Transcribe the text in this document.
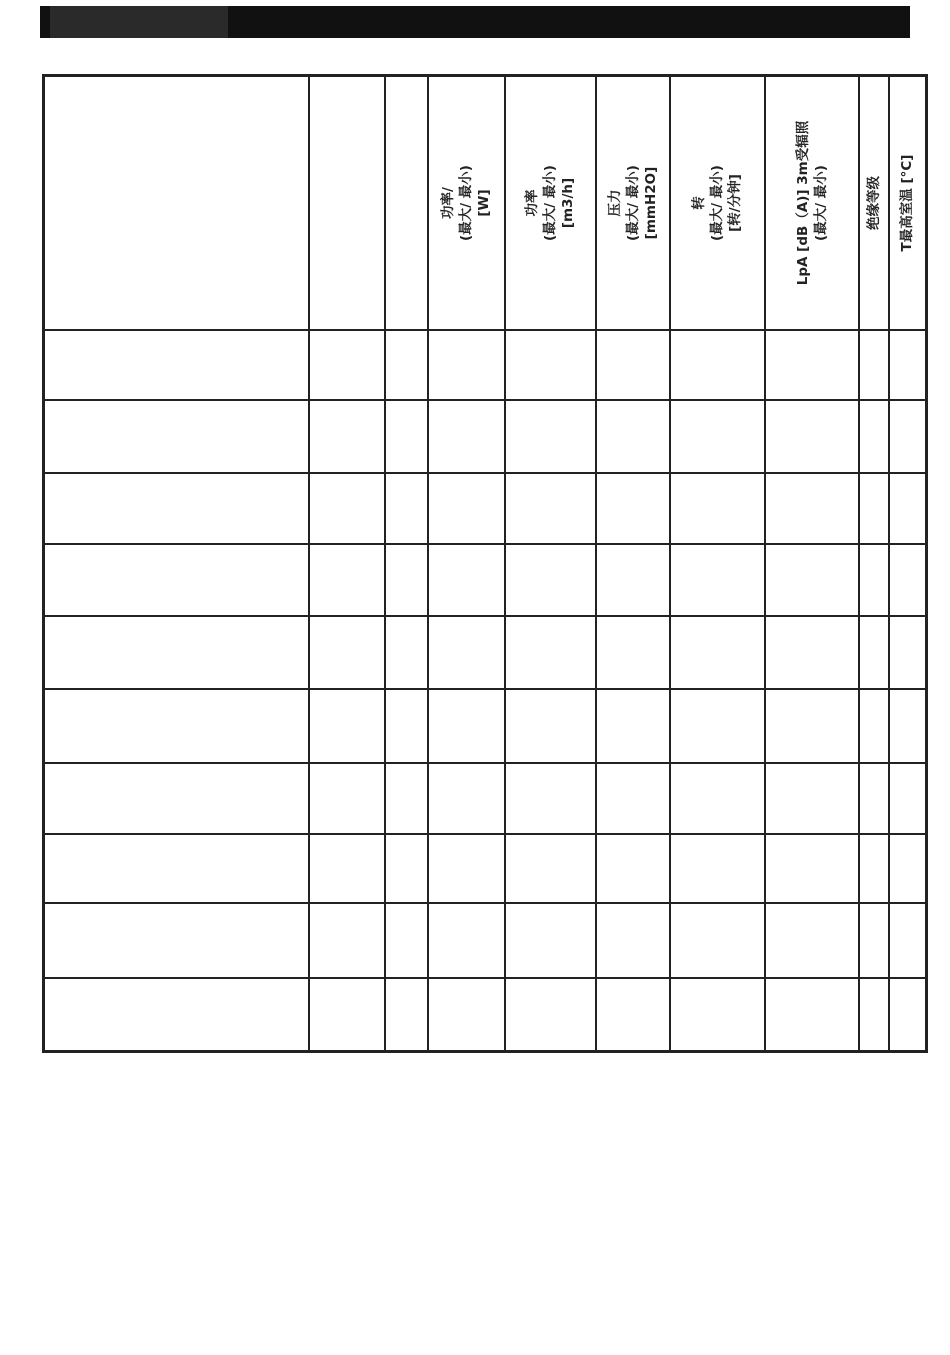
			功率/ (最大/ 最小) [W]	功率 (最大/ 最小) [m3/h]	压力 (最大/ 最小) [mmH2O]	转 (最大/ 最小) [转/分钟]	LpA [dB（A)] 3m受辐照 (最大/ 最小)	绝缘等级	T最高室温 [°C]
